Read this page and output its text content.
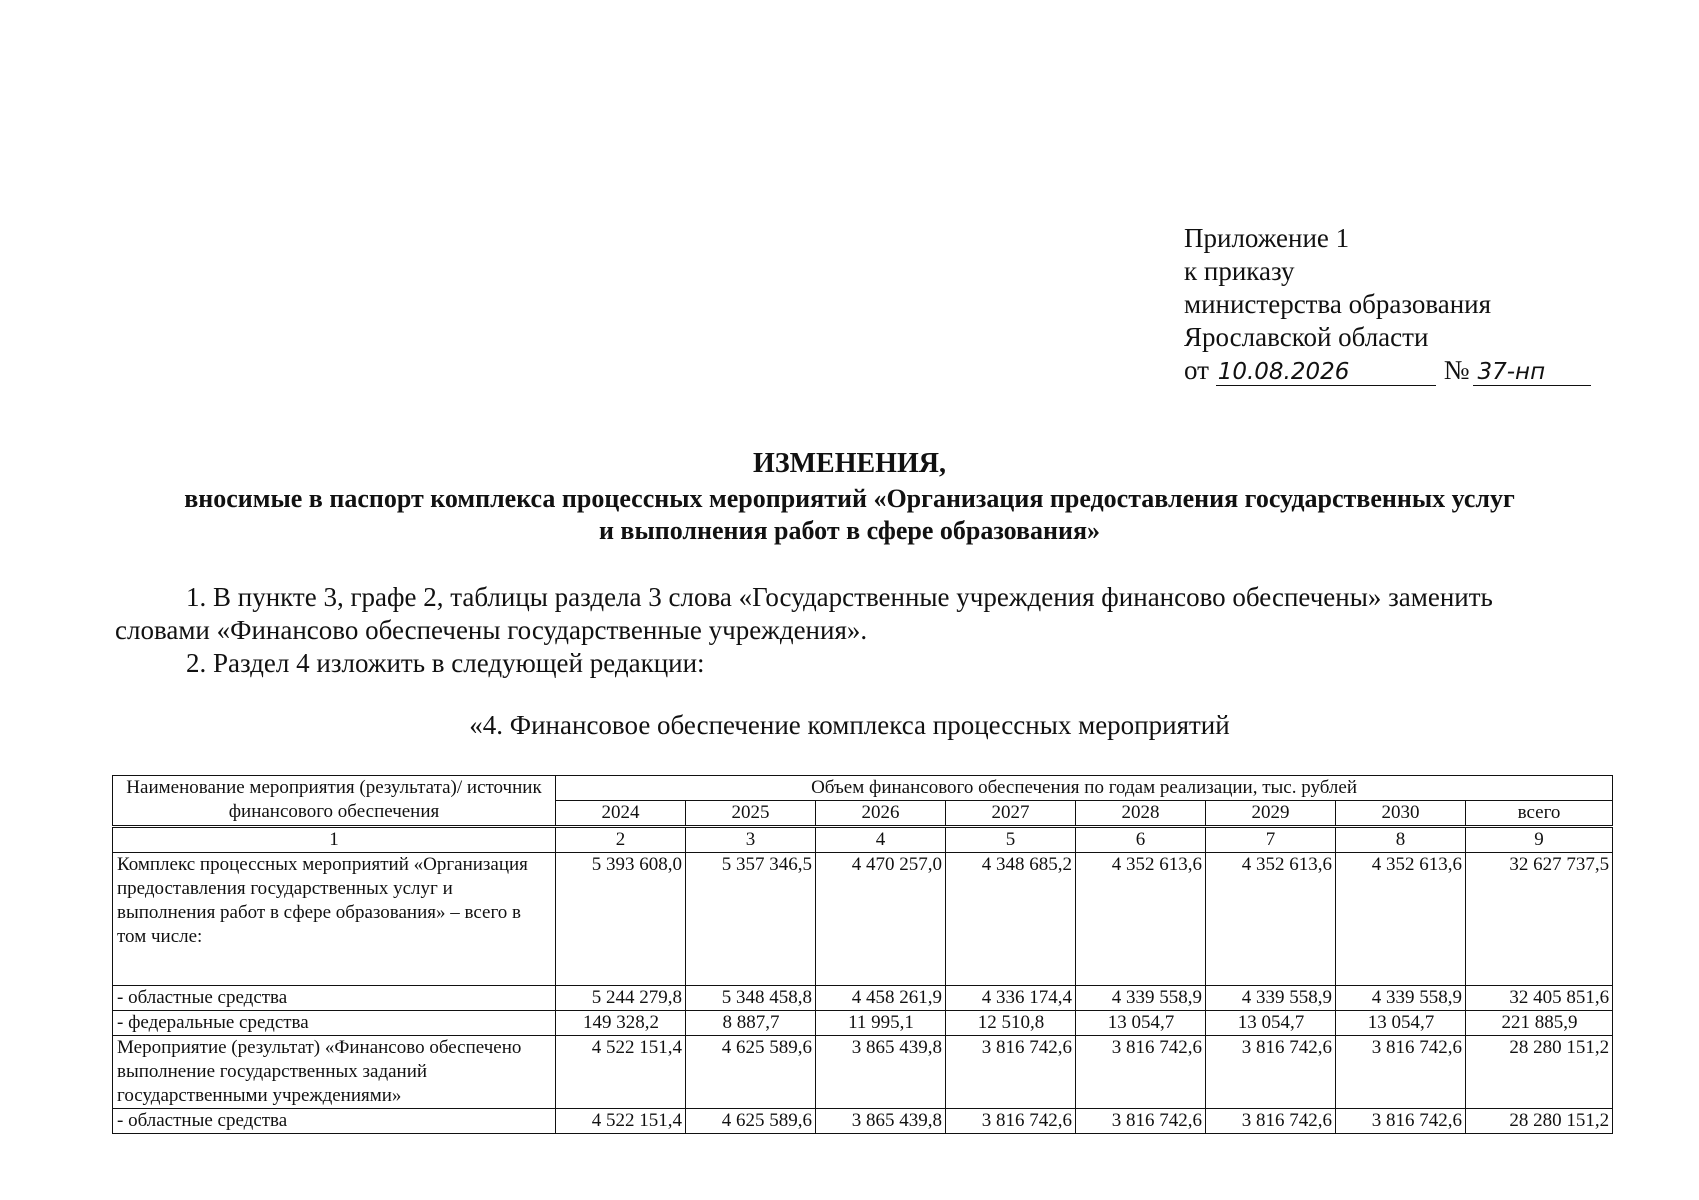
Приложение 1
к приказу
министерства образования
Ярославской области
от 10.08.2026	№ 37-нп
ИЗМЕНЕНИЯ,
вносимые в паспорт комплекса процессных мероприятий «Организация предоставления государственных услуг
и выполнения работ в сфере образования»
1. В пункте 3, графе 2, таблицы раздела 3 слова «Государственные учреждения финансово обеспечены» заменить
словами «Финансово обеспечены государственные учреждения».
2. Раздел 4 изложить в следующей редакции:
«4. Финансовое обеспечение комплекса процессных мероприятий
Наименование мероприятия (результата)/ источник финансового обеспечения	Объем финансового обеспечения по годам реализации, тыс. рублей							
	2024	2025	2026	2027	2028	2029	2030	всего
1	2	3	4	5	6	7	8	9
Комплекс процессных мероприятий «Организация предоставления государственных услуг и выполнения работ в сфере образования» – всего в том числе:	5 393 608,0	5 357 346,5	4 470 257,0	4 348 685,2	4 352 613,6	4 352 613,6	4 352 613,6	32 627 737,5
- областные средства	5 244 279,8	5 348 458,8	4 458 261,9	4 336 174,4	4 339 558,9	4 339 558,9	4 339 558,9	32 405 851,6
- федеральные средства	149 328,2	8 887,7	11 995,1	12 510,8	13 054,7	13 054,7	13 054,7	221 885,9
Мероприятие (результат) «Финансово обеспечено выполнение государственных заданий государственными учреждениями»	4 522 151,4	4 625 589,6	3 865 439,8	3 816 742,6	3 816 742,6	3 816 742,6	3 816 742,6	28 280 151,2
- областные средства	4 522 151,4	4 625 589,6	3 865 439,8	3 816 742,6	3 816 742,6	3 816 742,6	3 816 742,6	28 280 151,2
